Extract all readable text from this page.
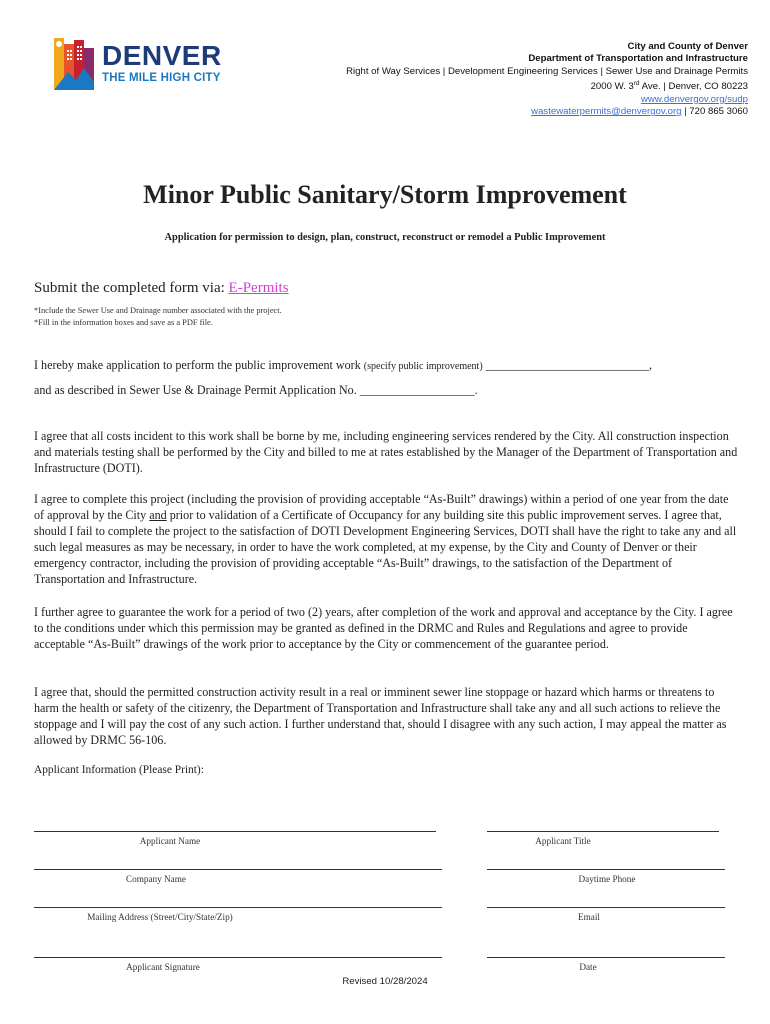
DENVER
THE MILE HIGH CITY
City and County of Denver
Department of Transportation and Infrastructure
Right of Way Services | Development Engineering Services | Sewer Use and Drainage Permits
2000 W. 3rd Ave. | Denver, CO 80223
www.denvergov.org/sudp
wastewaterpermits@denvergov.org | 720 865 3060
Minor Public Sanitary/Storm Improvement
Application for permission to design, plan, construct, reconstruct or remodel a Public Improvement
Submit the completed form via: E-Permits
*Include the Sewer Use and Drainage number associated with the project.
*Fill in the information boxes and save as a PDF file.
I hereby make application to perform the public improvement work (specify public improvement) ___________________________,
and as described in Sewer Use & Drainage Permit Application No. ___________________.
I agree that all costs incident to this work shall be borne by me, including engineering services rendered by the City. All construction inspection and materials testing shall be performed by the City and billed to me at rates established by the Manager of the Department of Transportation and Infrastructure (DOTI).
I agree to complete this project (including the provision of providing acceptable “As-Built” drawings) within a period of one year from the date of approval by the City and prior to validation of a Certificate of Occupancy for any building site this public improvement serves. I agree that, should I fail to complete the project to the satisfaction of DOTI Development Engineering Services, DOTI shall have the right to take any and all such legal measures as may be necessary, in order to have the work completed, at my expense, by the City and County of Denver or their emergency contractor, including the provision of providing acceptable “As-Built” drawings, to the satisfaction of the Department of Transportation and Infrastructure.
I further agree to guarantee the work for a period of two (2) years, after completion of the work and approval and acceptance by the City. I agree to the conditions under which this permission may be granted as defined in the DRMC and Rules and Regulations and agree to provide acceptable “As-Built” drawings of the work prior to acceptance by the City or commencement of the guarantee period.
I agree that, should the permitted construction activity result in a real or imminent sewer line stoppage or hazard which harms or threatens to harm the health or safety of the citizenry, the Department of Transportation and Infrastructure shall take any and all such actions to relieve the stoppage and I will pay the cost of any such action. I further understand that, should I disagree with any such action, I may appeal the matter as allowed by DRMC 56-106.
Applicant Information (Please Print):
Applicant Name	Applicant Title
Company Name	Daytime Phone
Mailing Address (Street/City/State/Zip)	Email
Applicant Signature	Date
Revised 10/28/2024
